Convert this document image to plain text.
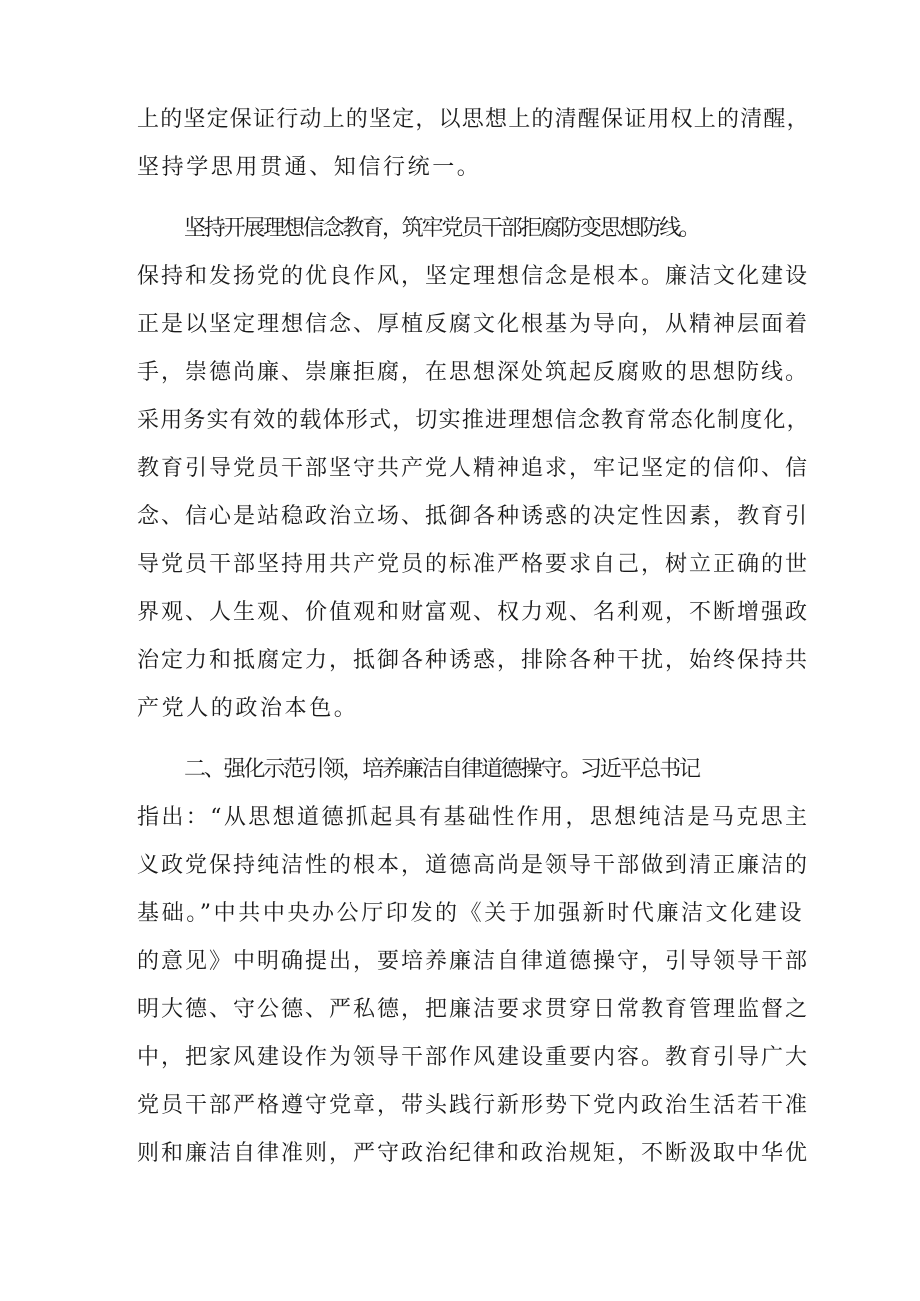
上的坚定保证行动上的坚定，以思想上的清醒保证用权上的清醒，
坚持学思用贯通、知信行统一。
坚持开展理想信念教育，筑牢党员干部拒腐防变思想防线。
保持和发扬党的优良作风，坚定理想信念是根本。廉洁文化建设
正是以坚定理想信念、厚植反腐文化根基为导向，从精神层面着
手，崇德尚廉、崇廉拒腐，在思想深处筑起反腐败的思想防线。
采用务实有效的载体形式，切实推进理想信念教育常态化制度化，
教育引导党员干部坚守共产党人精神追求，牢记坚定的信仰、信
念、信心是站稳政治立场、抵御各种诱惑的决定性因素，教育引
导党员干部坚持用共产党员的标准严格要求自己，树立正确的世
界观、人生观、价值观和财富观、权力观、名利观，不断增强政
治定力和抵腐定力，抵御各种诱惑，排除各种干扰，始终保持共
产党人的政治本色。
二、强化示范引领，培养廉洁自律道德操守。习近平总书记
指出：“从思想道德抓起具有基础性作用，思想纯洁是马克思主
义政党保持纯洁性的根本，道德高尚是领导干部做到清正廉洁的
基础。”中共中央办公厅印发的《关于加强新时代廉洁文化建设
的意见》中明确提出，要培养廉洁自律道德操守，引导领导干部
明大德、守公德、严私德，把廉洁要求贯穿日常教育管理监督之
中，把家风建设作为领导干部作风建设重要内容。教育引导广大
党员干部严格遵守党章，带头践行新形势下党内政治生活若干准
则和廉洁自律准则，严守政治纪律和政治规矩，不断汲取中华优
